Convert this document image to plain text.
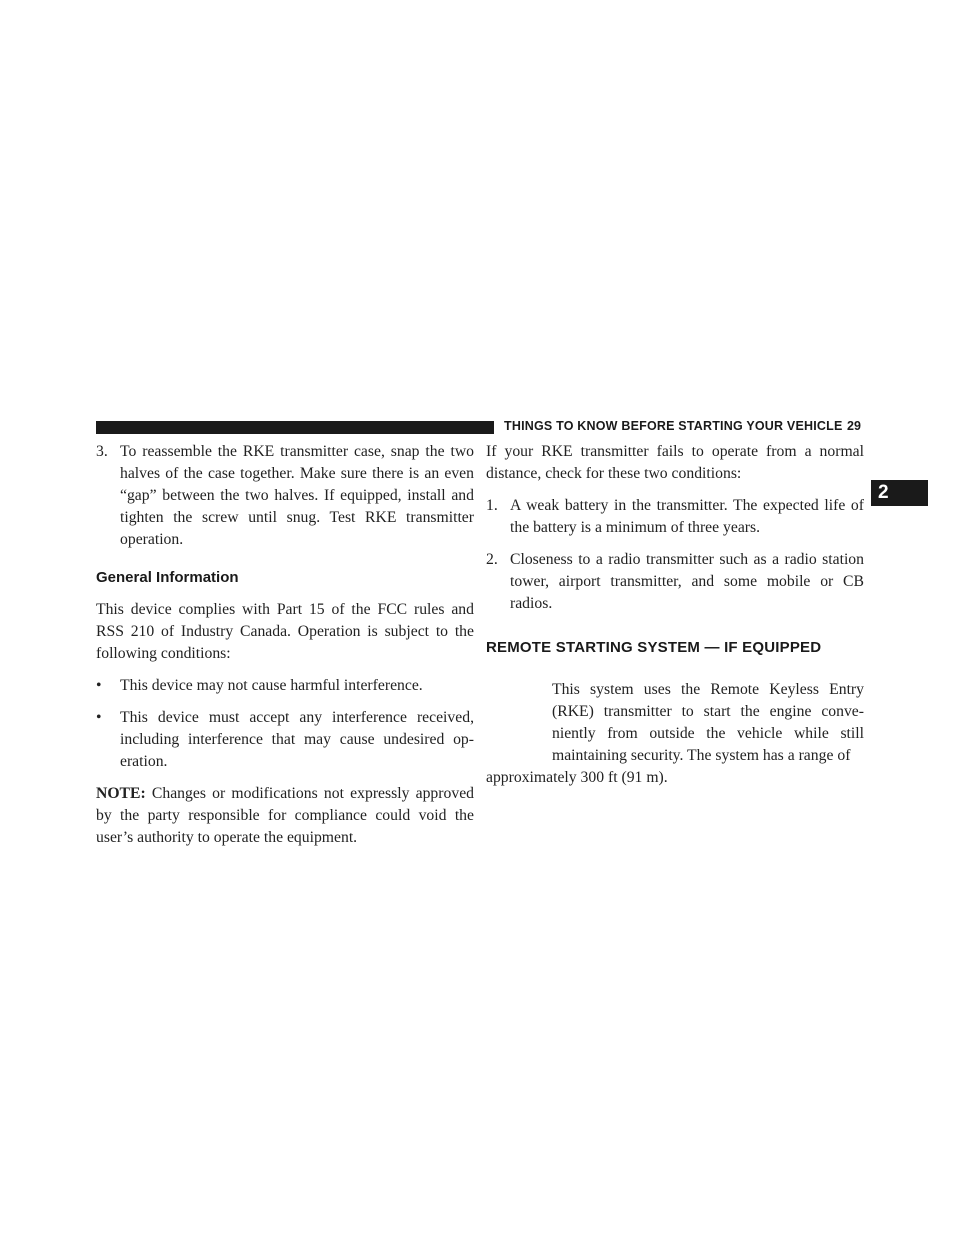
THINGS TO KNOW BEFORE STARTING YOUR VEHICLE 29
2

3. To reassemble the RKE transmitter case, snap the two halves of the case together. Make sure there is an even “gap” between the two halves. If equipped, install and tighten the screw until snug. Test RKE transmitter operation.

General Information

This device complies with Part 15 of the FCC rules and RSS 210 of Industry Canada. Operation is subject to the following conditions:

• This device may not cause harmful interference.

• This device must accept any interference received, including interference that may cause undesired op-eration.

NOTE: Changes or modifications not expressly approved by the party responsible for compliance could void the user’s authority to operate the equipment.

If your RKE transmitter fails to operate from a normal distance, check for these two conditions:

1. A weak battery in the transmitter. The expected life of the battery is a minimum of three years.

2. Closeness to a radio transmitter such as a radio station tower, airport transmitter, and some mobile or CB radios.

REMOTE STARTING SYSTEM — IF EQUIPPED

This system uses the Remote Keyless Entry (RKE) transmitter to start the engine conve-niently from outside the vehicle while still maintaining security. The system has a range of

approximately 300 ft (91 m).
